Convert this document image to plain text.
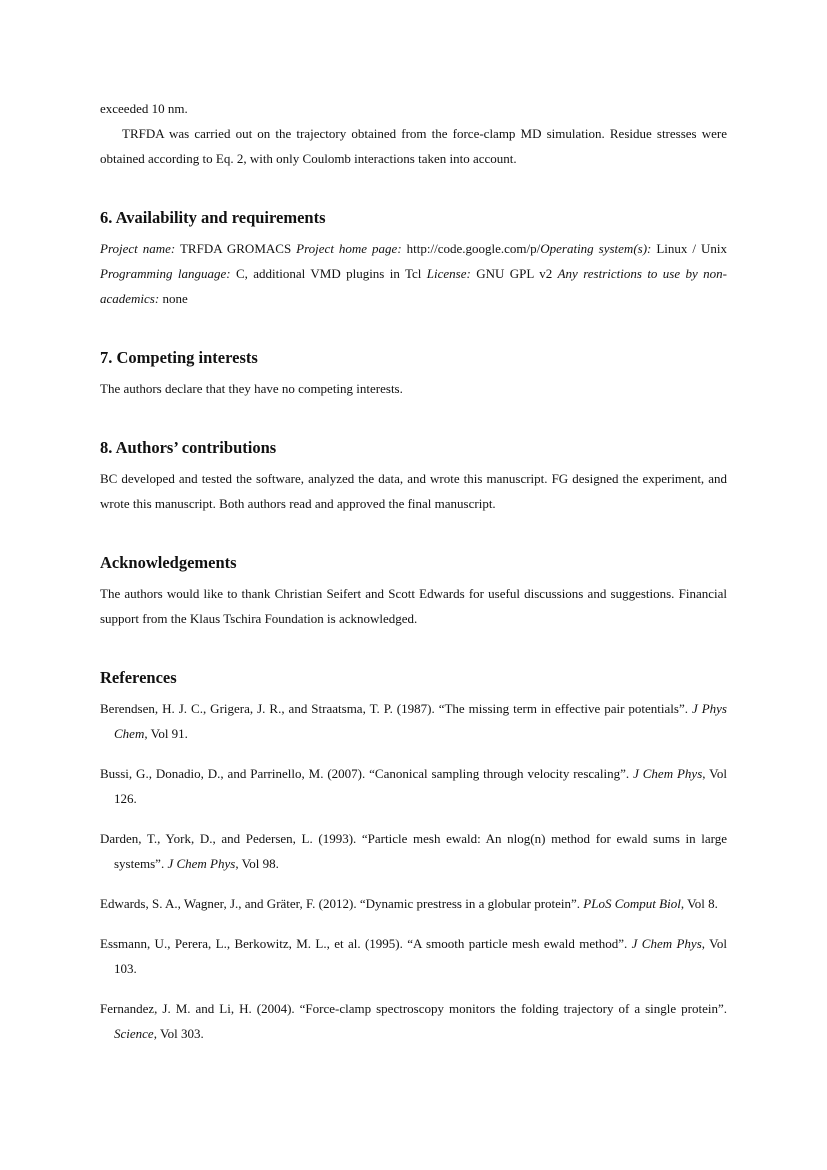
exceeded 10 nm.

TRFDA was carried out on the trajectory obtained from the force-clamp MD simulation. Residue stresses were obtained according to Eq. 2, with only Coulomb interactions taken into account.

6. Availability and requirements

Project name: TRFDA GROMACS Project home page: http://code.google.com/p/Operating system(s): Linux / Unix Programming language: C, additional VMD plugins in Tcl License: GNU GPL v2 Any restrictions to use by non-academics: none

7. Competing interests

The authors declare that they have no competing interests.

8. Authors’ contributions

BC developed and tested the software, analyzed the data, and wrote this manuscript. FG designed the experiment, and wrote this manuscript. Both authors read and approved the final manuscript.

Acknowledgements

The authors would like to thank Christian Seifert and Scott Edwards for useful discussions and suggestions. Financial support from the Klaus Tschira Foundation is acknowledged.

References

Berendsen, H. J. C., Grigera, J. R., and Straatsma, T. P. (1987). “The missing term in effective pair potentials”. J Phys Chem, Vol 91.

Bussi, G., Donadio, D., and Parrinello, M. (2007). “Canonical sampling through velocity rescaling”. J Chem Phys, Vol 126.

Darden, T., York, D., and Pedersen, L. (1993). “Particle mesh ewald: An nlog(n) method for ewald sums in large systems”. J Chem Phys, Vol 98.

Edwards, S. A., Wagner, J., and Gräter, F. (2012). “Dynamic prestress in a globular protein”. PLoS Comput Biol, Vol 8.

Essmann, U., Perera, L., Berkowitz, M. L., et al. (1995). “A smooth particle mesh ewald method”. J Chem Phys, Vol 103.

Fernandez, J. M. and Li, H. (2004). “Force-clamp spectroscopy monitors the folding trajectory of a single protein”. Science, Vol 303.
